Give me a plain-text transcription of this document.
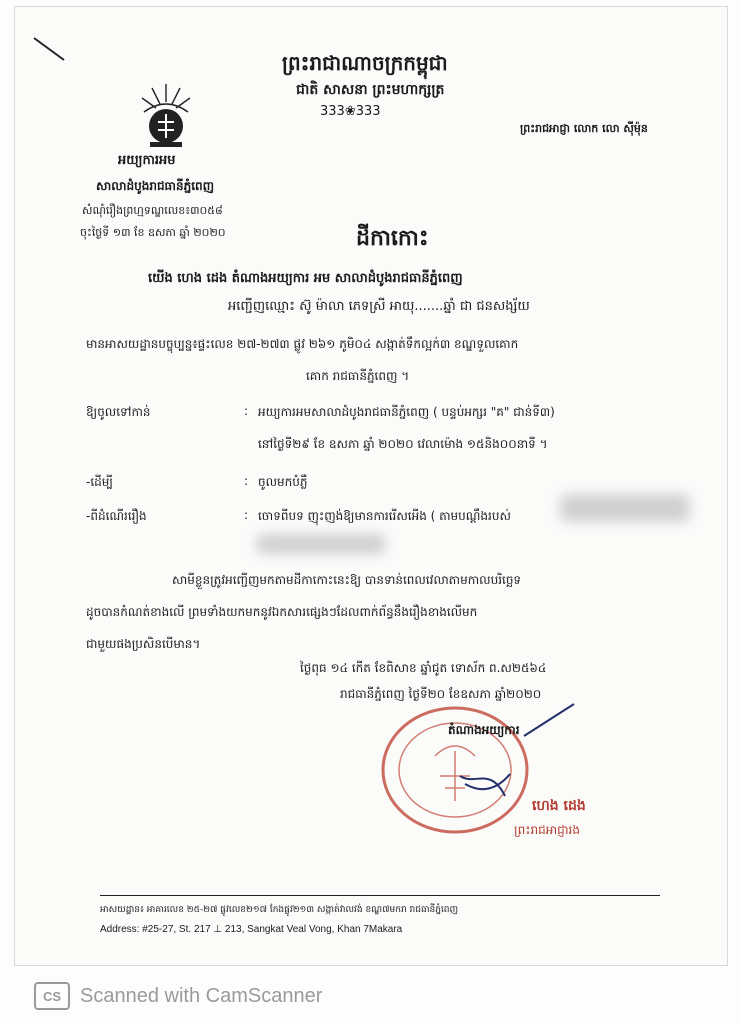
ព្រះរាជាណាចក្រកម្ពុជា
ជាតិ សាសនា ព្រះមហាក្សត្រ
333❀333
ព្រះរាជអាជ្ញា លោក លោ ស៊ីម៉ុន
អយ្យការអម
សាលាដំបូងរាជធានីភ្នំពេញ
សំណុំរឿងព្រហ្មទណ្ឌលេខ៖៣០៥៨
ចុះថ្ងៃទី ១៣ ខែ ឧសភា ឆ្នាំ ២០២០	ដីកាកោះ
យើង ហេង ដេង តំណាងអយ្យការ អម សាលាដំបូងរាជធានីភ្នំពេញ
អញ្ជើញឈ្មោះ ស៊ូ ម៉ាលា ភេទស្រី អាយុ.......ឆ្នាំ ជា ជនសង្ស័យ
មានអាសយដ្ឋានបច្ចុប្បន្ន៖ផ្ទះលេខ ២៧-២៧៣ ផ្លូវ ២៦១ ភូមិ០៤ សង្កាត់ទឹកល្អក់៣ ខណ្ឌទួលគោក
គោក រាជធានីភ្នំពេញ ។
ឱ្យចូលទៅកាន់	: អយ្យការអមសាលាដំបូងរាជធានីភ្នំពេញ ( បន្ទប់អក្សរ "គ" ជាន់ទី៣)
នៅថ្ងៃទី២៩ ខែ ឧសភា ឆ្នាំ ២០២០ វេលាម៉ោង ១៥និង០០នាទី ។
-ដើម្បី	: ចូលមកបំភ្លឺ
-ពីដំណើររឿង	: ចោទពីបទ ញុះញង់ឱ្យមានការរើសអើង ( តាមបណ្តឹងរបស់
សាមីខ្លួនត្រូវអញ្ជើញមកតាមដីកាកោះនេះឱ្យ បានទាន់ពេលវេលាតាមកាលបរិច្ឆេទ
ដូចបានកំណត់ខាងលើ ព្រមទាំងយកមកនូវឯកសារផ្សេងៗដែលពាក់ព័ន្ធនឹងរឿងខាងលើមក
ជាមួយផងប្រសិនបើមាន។
ថ្ងៃពុធ ១៤ កើត ខែពិសាខ ឆ្នាំជូត ទោស័ក ព.ស២៥៦៤
រាជធានីភ្នំពេញ ថ្ងៃទី២០ ខែឧសភា ឆ្នាំ២០២០
តំណាងអយ្យការ
ហេង ដេង
ព្រះរាជអាជ្ញារង
អាសយដ្ឋាន៖ អាគារលេខ ២៥-២៧ ផ្លូវលេខ២១៧ កែងផ្លូវ២១៣ សង្កាត់វាលវង់ ខណ្ឌ៧មករា រាជធានីភ្នំពេញ
Address: #25-27, St. 217 ⊥ 213, Sangkat Veal Vong, Khan 7Makara
CS Scanned with CamScanner
